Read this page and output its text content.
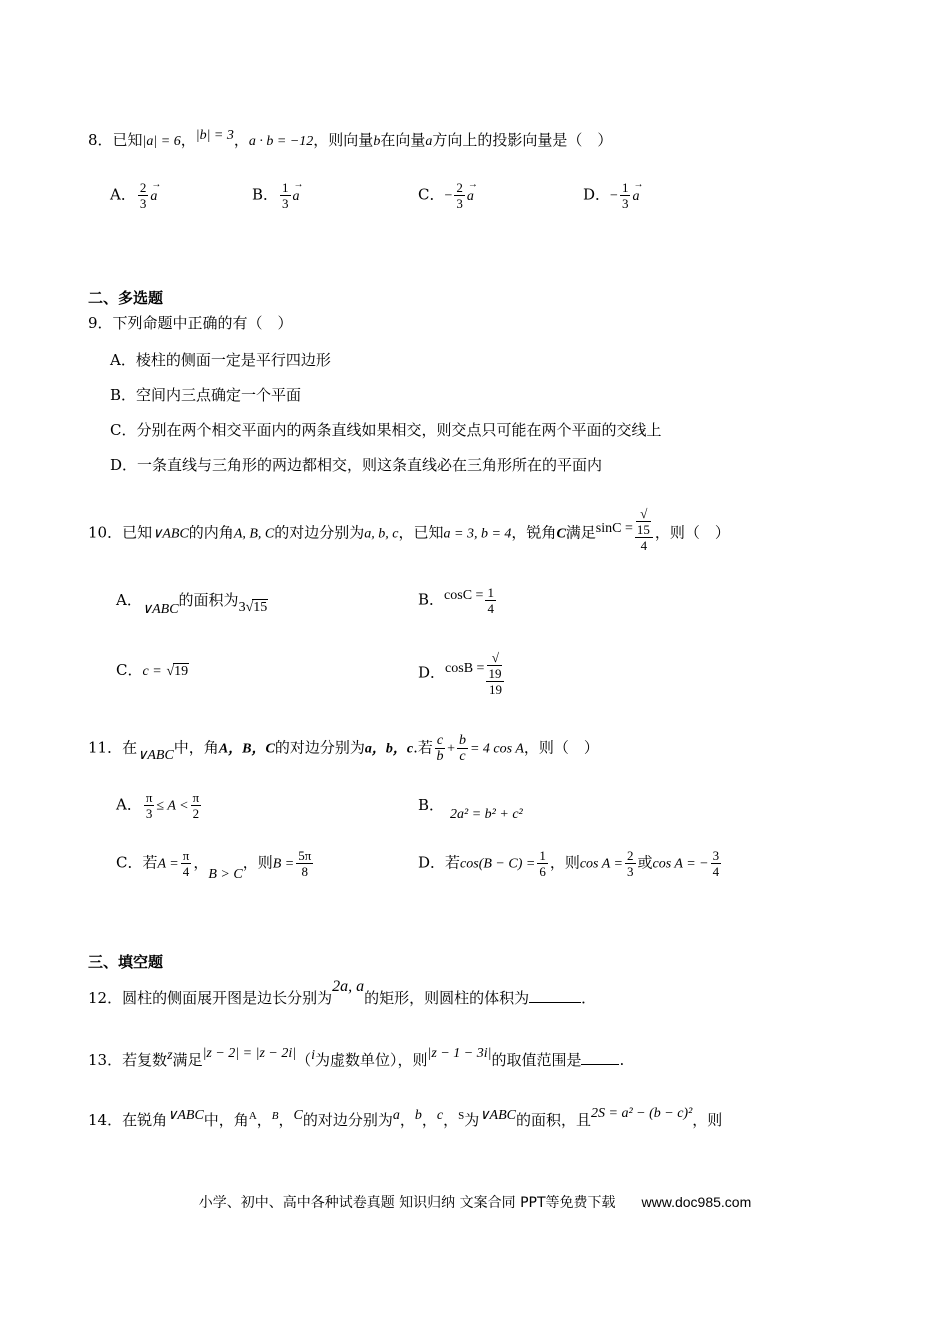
8．已知|a| = 6，|b| = 3，a · b = −12，则向量b在向量a方向上的投影向量是（　）
A． $\frac{2}{3}$ a →	B． $\frac{1}{3}$ a →	C．− $\frac{2}{3}$ a →	D．− $\frac{1}{3}$ a →
二、多选题
9．下列命题中正确的有（　）
A．棱柱的侧面一定是平行四边形
B．空间内三点确定一个平面
C．分别在两个相交平面内的两条直线如果相交，则交点只可能在两个平面的交线上
D．一条直线与三角形的两边都相交，则这条直线必在三角形所在的平面内
10．已知∨ABC的内角A, B, C的对边分别为a, b, c，已知a = 3, b = 4，锐角C满足sinC = √
15
4 ，则（　）
A．∨ABC的面积为3√15	B．$\cos C = \frac{1}{4}$
C．c = √19	D．cosB = √
19
19
11．在∨ABC中，角A，B，C的对边分别为a，b，c.若 $\frac{c}{b} + \frac{b}{c} = 4$ cos A，则（　）
A． $\frac{\pi}{3} \le A < \frac{\pi}{2}$	B．2a² = b² + c²
C．若$A = \frac{\pi}{4}$ ，B > C，则$B = \frac{5\pi}{8}$	D．若$\cos(B - C) = \frac{1}{6}$ ，则$\cos A = \frac{2}{3}$ 或cos A = − $\frac{3}{4}$
三、填空题
12．圆柱的侧面展开图是边长分别为2a, a的矩形，则圆柱的体积为	．
13．若复数z满足|z − 2| = |z − 2i|（i为虚数单位），则|z − 1 − 3i|的取值范围是	.
14．在锐角∨ABC中，角$^A$，$^B$，C的对边分别为a，b，c，$^S$为∨ABC的面积，且2S = a² − (b − c)²，则
小学、初中、高中各种试卷真题 知识归纳 文案合同 PPT等免费下载 www.doc985.com
